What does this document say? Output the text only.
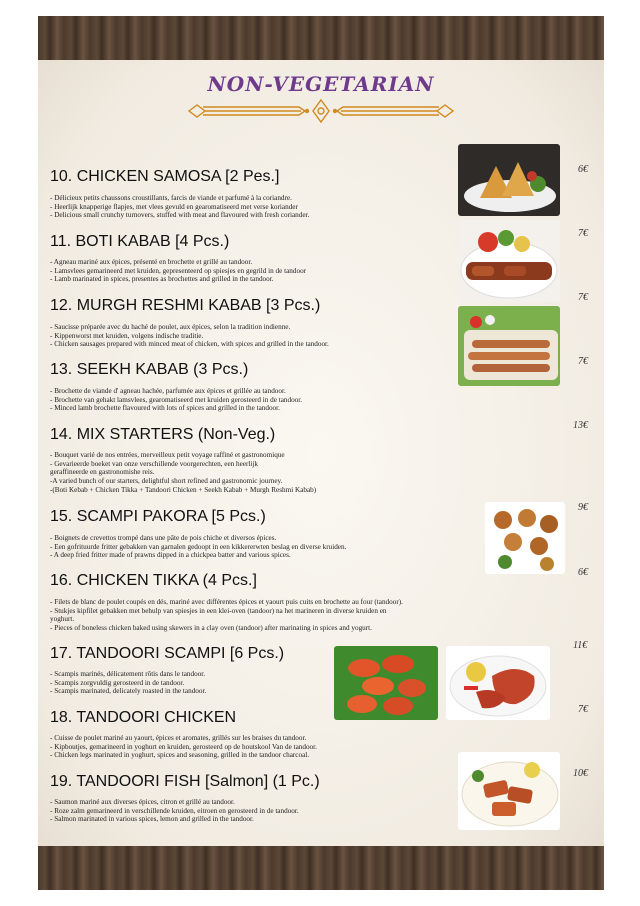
NON-VEGETARIAN
10. CHICKEN SAMOSA [2 Pes.]
- Délicieux petits chaussons croustillants, farcis de viande et parfumé à la coriandre.
- Heerlijk knapperige flapjes, met vlees gevuld en gearomatiseerd met verse koriander
- Delicious small crunchy turnovers, stuffed with meat and flavoured with fresh coriander.
6€
11. BOTI KABAB [4 Pcs.)
- Agneau mariné aux épices, présenté en brochette et grillé au tandoor.
- Lamsvlees gemarineerd met kruiden, gepresenteerd op spiesjes en gegrild in de tandoor
- Lamb marinated in spices, presentes as brochettes and grilled in the tandoor.
7€
12. MURGH RESHMI KABAB [3 Pcs.)
- Saucisse préparée avec du haché de poulet, aux épices, selon la tradition indienne.
- Kippenworst met kruiden, volgens indische traditie.
- Chicken sausages prepared with minced meat of chicken, with spices and grilled in the tandoor.
7€
13. SEEKH KABAB (3 Pcs.)
- Brochette de viande d' agneau hachée, parfumée aux épices et grillée au tandoor.
- Brochette van gehakt lamsvlees, gearomatiseerd met kruiden gerosteerd in de tandoor.
- Minced lamb brochette flavoured with lots of spices and grilled in the tandoor.
7€
14. MIX STARTERS (Non-Veg.)
- Bouquet varié de nos entrées, merveilleux petit voyage raffiné et gastronomique
- Gevarieerde boeket van onze verschillende voorgerechten, een heerlijk
geraffineerde en gastronomishe reis.
-A varied bunch of our starters, delightful short refined and gastronomic journey.
-(Boti Kebab + Chicken Tikka + Tandoori Chicken + Seekh Kabab + Murgh Reshmi Kabab)
13€
15. SCAMPI PAKORA [5 Pcs.)
- Boignets de crevettos trompé dans une pâte de pois chiche et diversos épices.
- Een gofrituurde fritter gebakken van garnalen gedoopt in een kikkererwten beslag en diverse kruiden.
- A deep fried fritter made of prawns dipped in a chickpea batter and various spices.
9€
16. CHICKEN TIKKA (4 Pcs.]
- Filets de blanc de poulet coupés en dés, mariné avec différentes épices et yaourt puis cuits en brochette au four (tandoor).
- Stukjes kipfilet gebakken met behulp van spiesjes in een klei-oven (tandoor) na het marineren in diverse kruiden en
yoghurt.
- Pieces of boneless chicken baked using skewers in a clay oven (tandoor) after marinating in spices and yogurt.
6€
17. TANDOORI SCAMPI [6 Pcs.)
- Scampis marinés, délicatement rôtis dans le tandoor.
- Scampis zorgvuldig gerosteerd in de tandoor.
- Scampis marinated, delicately roasted in the tandoor.
11€
18. TANDOORI CHICKEN
- Cuisse de poulet mariné au yaourt, épices et aromates, grillés sur les braises du tandoor.
- Kipboutjes, gemarineerd in yoghurt en kruiden, gerosteerd op de houtskool Van de tandoor.
- Chicken legs marinated in yoghurt, spices and seasoning, grilled in the tandoor charcoal.
7€
19. TANDOORI FISH [Salmon] (1 Pc.)
- Saumon mariné aux diverses épices, citron et grillé au tandoor.
- Roze zalm gemarineerd in verschillende kruiden, eitroen en gerosteerd in de tandoor.
- Salmon marinated in various spices, lemon and grilled in the tandoor.
10€
